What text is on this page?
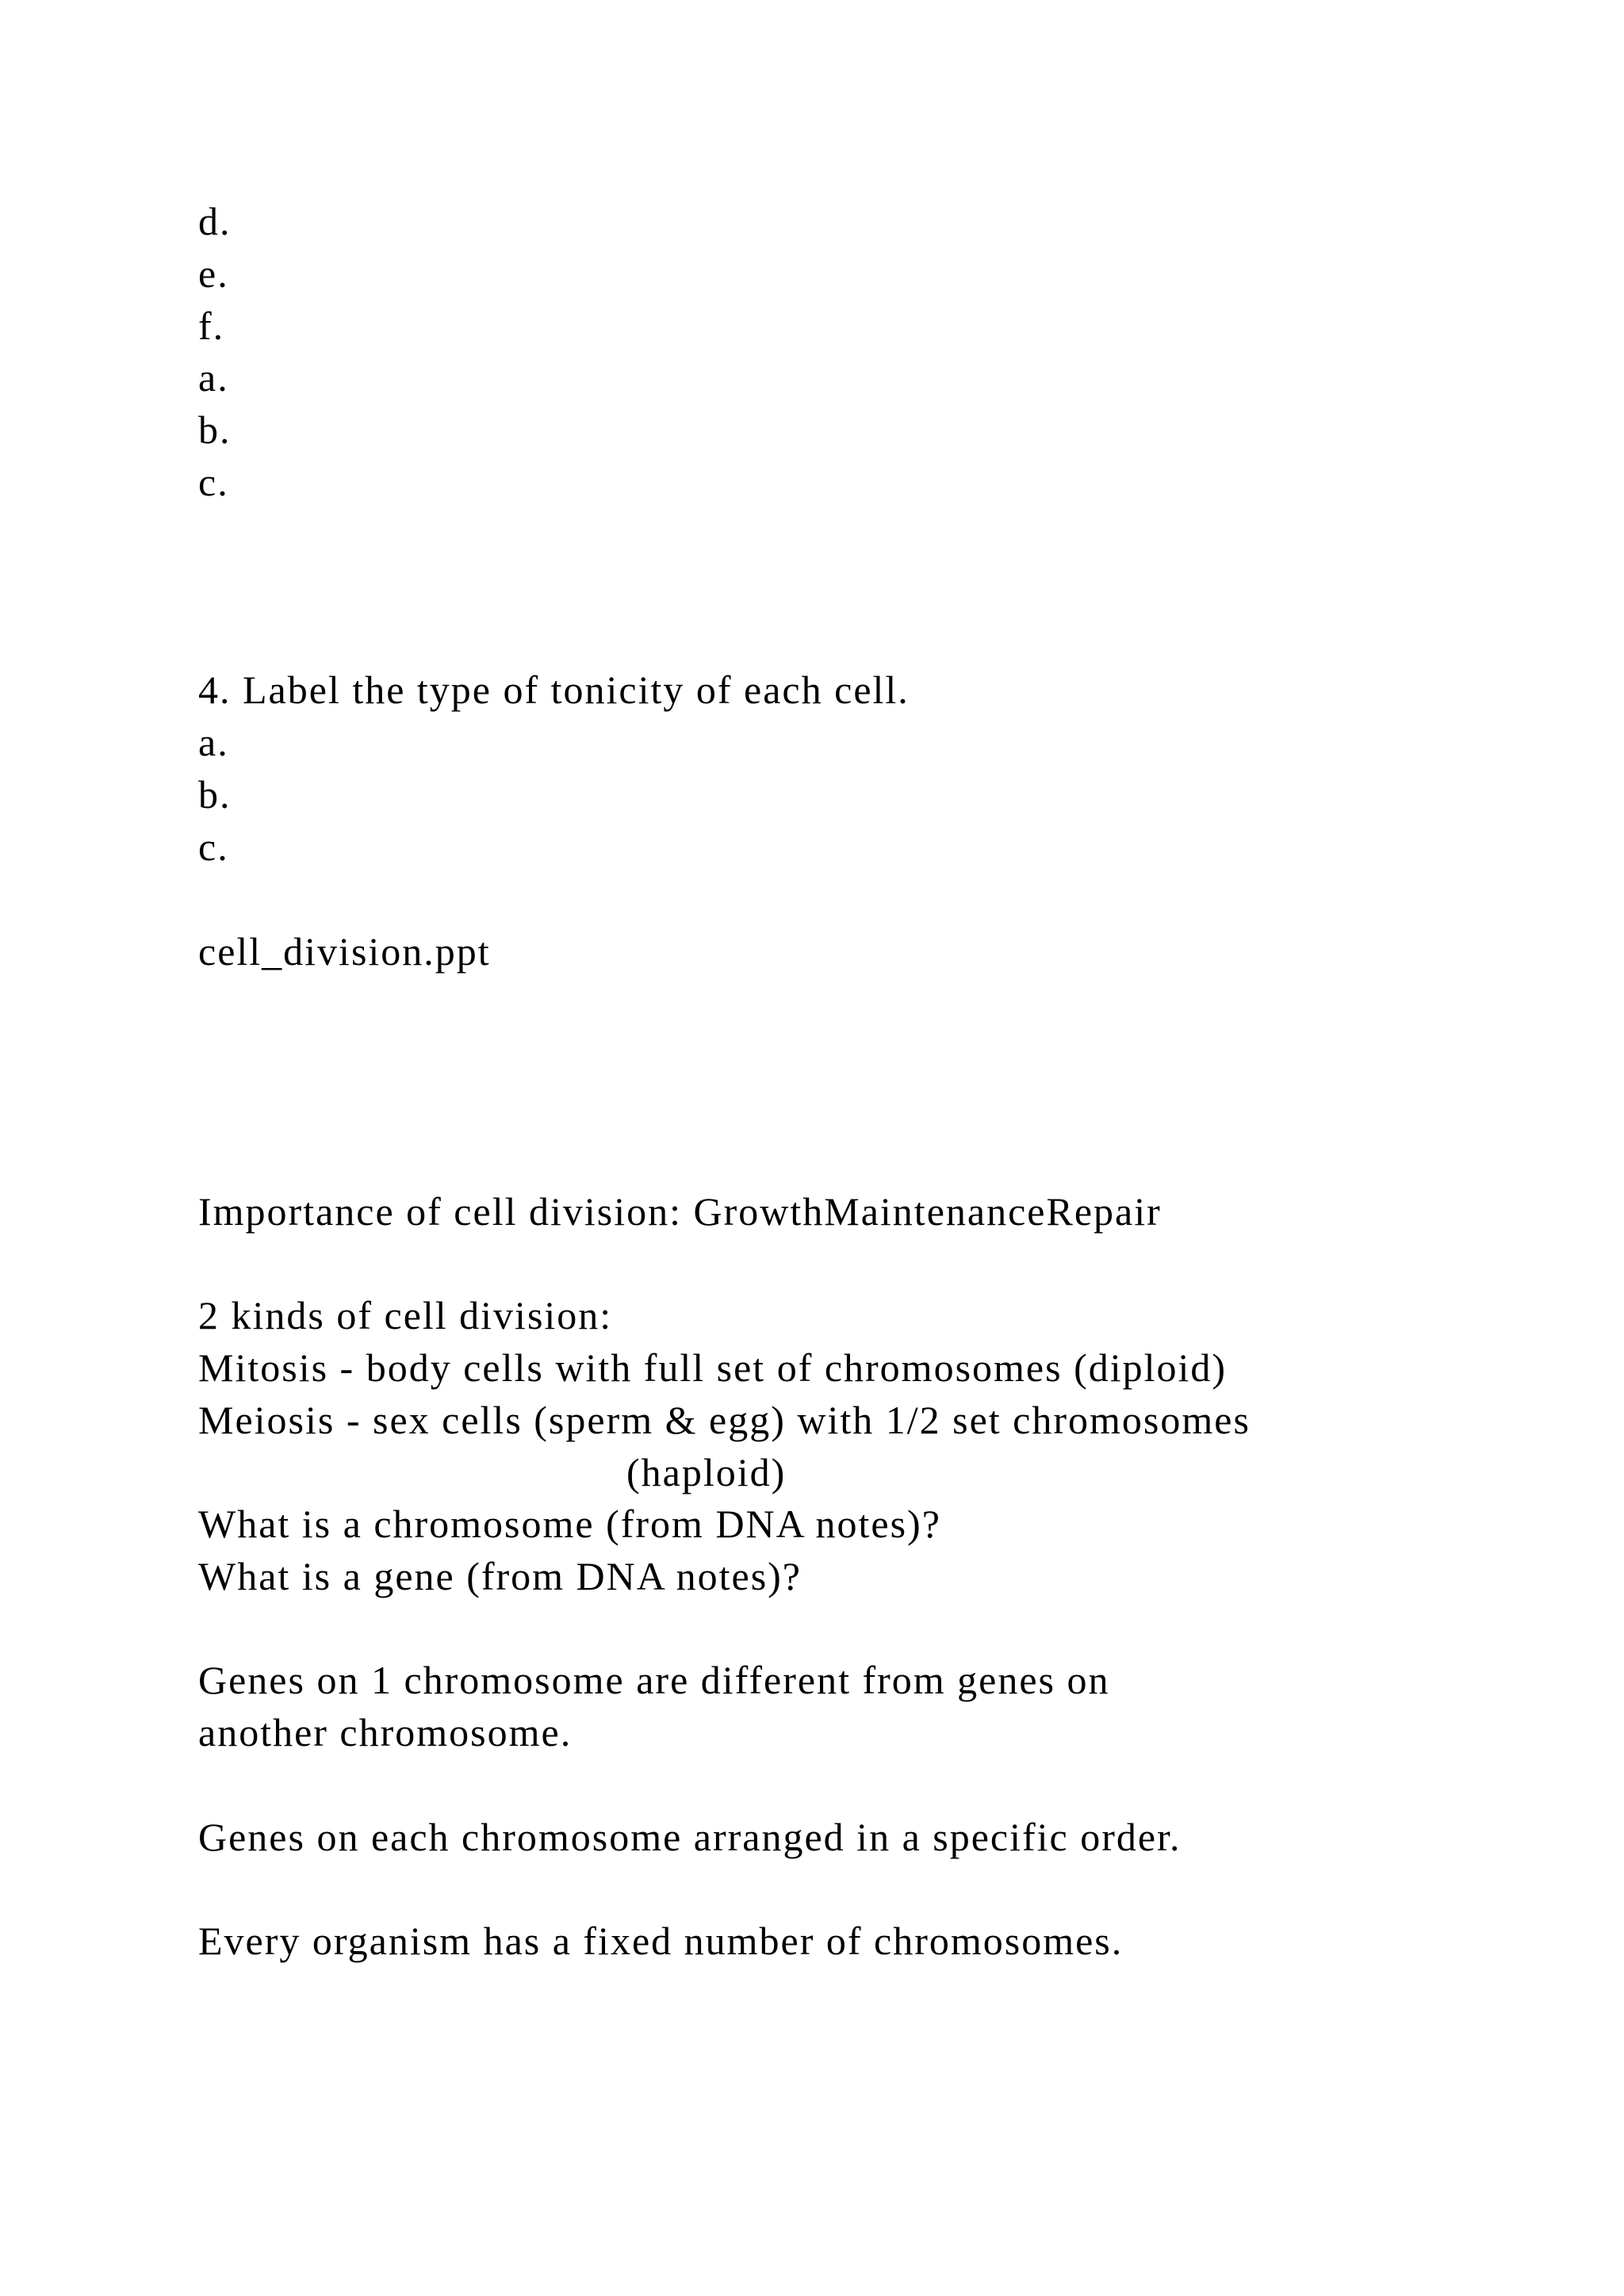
d.
e.
f.
a.
b.
c.
4. Label the type of tonicity of each cell.
a.
b.
c.
cell_division.ppt
Importance of cell division: GrowthMaintenanceRepair
2 kinds of cell division:
Mitosis - body cells with full set of chromosomes (diploid)
Meiosis - sex cells (sperm & egg) with 1/2 set chromosomes
(haploid)
What is a chromosome (from DNA notes)?
What is a gene (from DNA notes)?
Genes on 1 chromosome are different from genes on
another chromosome.
Genes on each chromosome arranged in a specific order.
Every organism has a fixed number of chromosomes.
